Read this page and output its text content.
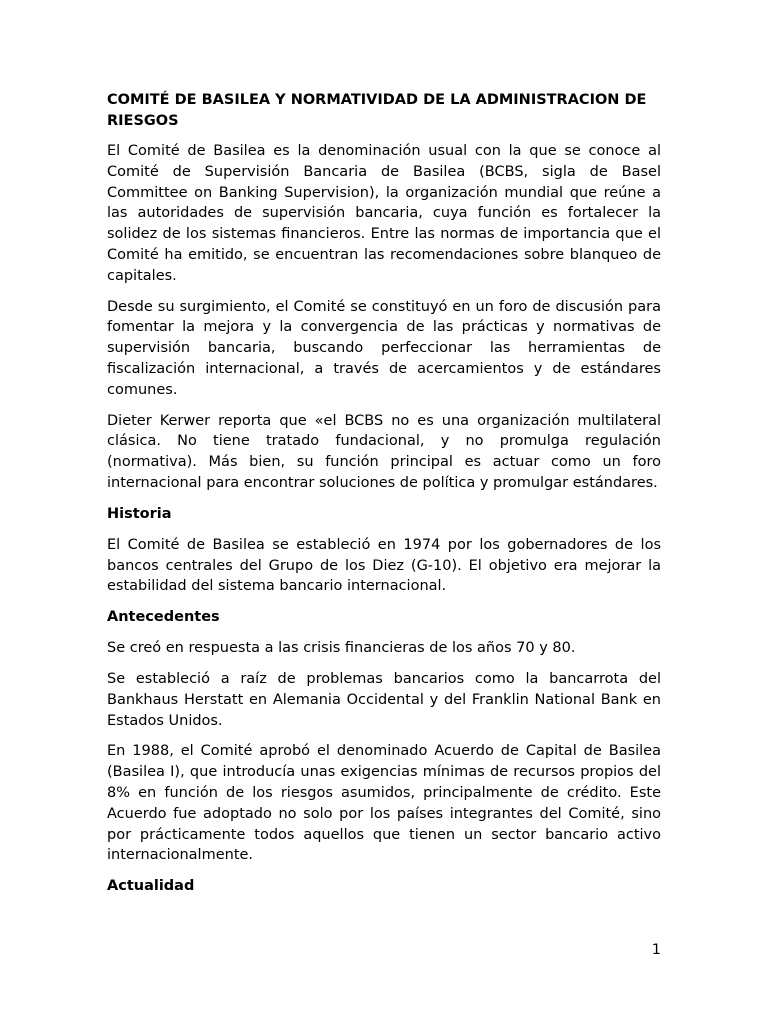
COMITÉ DE BASILEA Y NORMATIVIDAD DE LA ADMINISTRACION DE RIESGOS

El Comité de Basilea es la denominación usual con la que se conoce al Comité de Supervisión Bancaria de Basilea (BCBS, sigla de Basel Committee on Banking Supervision), la organización mundial que reúne a las autoridades de supervisión bancaria, cuya función es fortalecer la solidez de los sistemas financieros. Entre las normas de importancia que el Comité ha emitido, se encuentran las recomendaciones sobre blanqueo de capitales.

Desde su surgimiento, el Comité se constituyó en un foro de discusión para fomentar la mejora y la convergencia de las prácticas y normativas de supervisión bancaria, buscando perfeccionar las herramientas de fiscalización internacional, a través de acercamientos y de estándares comunes.

Dieter Kerwer reporta que «el BCBS no es una organización multilateral clásica. No tiene tratado fundacional, y no promulga regulación (normativa). Más bien, su función principal es actuar como un foro internacional para encontrar soluciones de política y promulgar estándares.

Historia

El Comité de Basilea se estableció en 1974 por los gobernadores de los bancos centrales del Grupo de los Diez (G-10). El objetivo era mejorar la estabilidad del sistema bancario internacional.

Antecedentes

Se creó en respuesta a las crisis financieras de los años 70 y 80.

Se estableció a raíz de problemas bancarios como la bancarrota del Bankhaus Herstatt en Alemania Occidental y del Franklin National Bank en Estados Unidos.

En 1988, el Comité aprobó el denominado Acuerdo de Capital de Basilea (Basilea I), que introducía unas exigencias mínimas de recursos propios del 8% en función de los riesgos asumidos, principalmente de crédito. Este Acuerdo fue adoptado no solo por los países integrantes del Comité, sino por prácticamente todos aquellos que tienen un sector bancario activo internacionalmente.

Actualidad
1
